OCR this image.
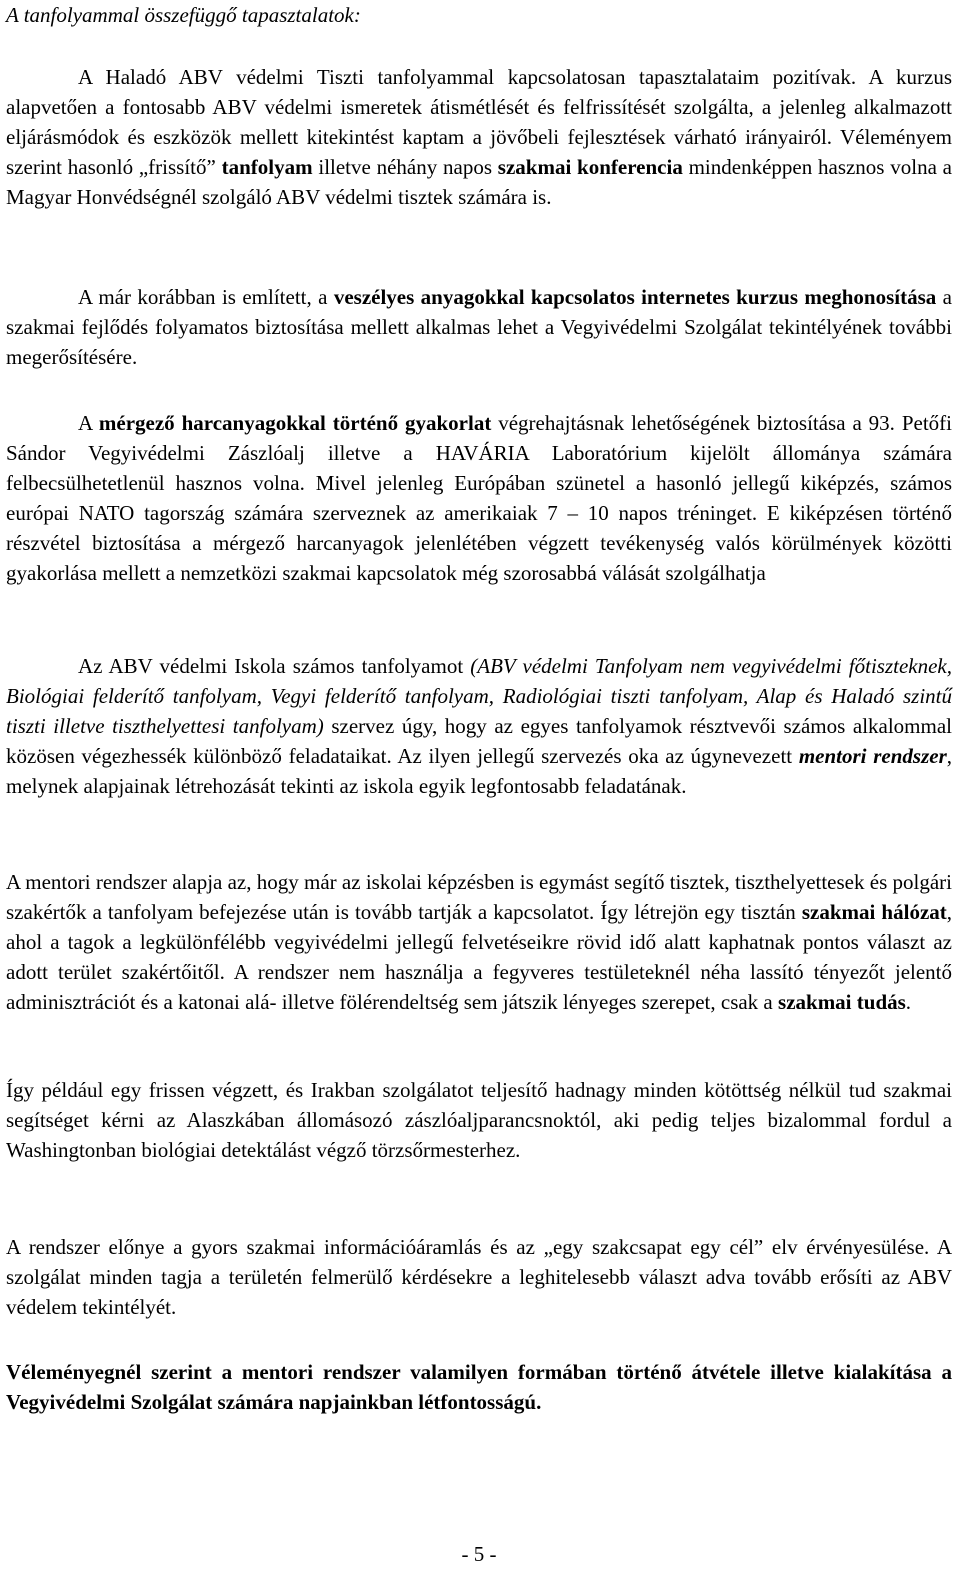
A tanfolyammal összefüggő tapasztalatok:

A Haladó ABV védelmi Tiszti tanfolyammal kapcsolatosan tapasztalataim pozitívak. A kurzus alapvetően a fontosabb ABV védelmi ismeretek átismétlését és felfrissítését szolgálta, a jelenleg alkalmazott eljárásmódok és eszközök mellett kitekintést kaptam a jövőbeli fejlesztések várható irányairól. Véleményem szerint hasonló „frissítő” tanfolyam illetve néhány napos szakmai konferencia mindenképpen hasznos volna a Magyar Honvédségnél szolgáló ABV védelmi tisztek számára is.

A már korábban is említett, a veszélyes anyagokkal kapcsolatos internetes kurzus meghonosítása a szakmai fejlődés folyamatos biztosítása mellett alkalmas lehet a Vegyivédelmi Szolgálat tekintélyének további megerősítésére.

A mérgező harcanyagokkal történő gyakorlat végrehajtásnak lehetőségének biztosítása a 93. Petőfi Sándor Vegyivédelmi Zászlóalj illetve a HAVÁRIA Laboratórium kijelölt állománya számára felbecsülhetetlenül hasznos volna. Mivel jelenleg Európában szünetel a hasonló jellegű kiképzés, számos európai NATO tagország számára szerveznek az amerikaiak 7 – 10 napos tréninget. E kiképzésen történő részvétel biztosítása a mérgező harcanyagok jelenlétében végzett tevékenység valós körülmények közötti gyakorlása mellett a nemzetközi szakmai kapcsolatok még szorosabbá válását szolgálhatja

Az ABV védelmi Iskola számos tanfolyamot (ABV védelmi Tanfolyam nem vegyivédelmi főtiszteknek, Biológiai felderítő tanfolyam, Vegyi felderítő tanfolyam, Radiológiai tiszti tanfolyam, Alap és Haladó szintű tiszti illetve tiszthelyettesi tanfolyam) szervez úgy, hogy az egyes tanfolyamok résztvevői számos alkalommal közösen végezhessék különböző feladataikat. Az ilyen jellegű szervezés oka az úgynevezett mentori rendszer, melynek alapjainak létrehozását tekinti az iskola egyik legfontosabb feladatának.

A mentori rendszer alapja az, hogy már az iskolai képzésben is egymást segítő tisztek, tiszthelyettesek és polgári szakértők a tanfolyam befejezése után is tovább tartják a kapcsolatot. Így létrejön egy tisztán szakmai hálózat, ahol a tagok a legkülönfélébb vegyivédelmi jellegű felvetéseikre rövid idő alatt kaphatnak pontos választ az adott terület szakértőitől. A rendszer nem használja a fegyveres testületeknél néha lassító tényezőt jelentő adminisztrációt és a katonai alá- illetve fölérendeltség sem játszik lényeges szerepet, csak a szakmai tudás.

Így például egy frissen végzett, és Irakban szolgálatot teljesítő hadnagy minden kötöttség nélkül tud szakmai segítséget kérni az Alaszkában állomásozó zászlóaljparancsnoktól, aki pedig teljes bizalommal fordul a Washingtonban biológiai detektálást végző törzsőrmesterhez.

A rendszer előnye a gyors szakmai információáramlás és az „egy szakcsapat egy cél” elv érvényesülése. A szolgálat minden tagja a területén felmerülő kérdésekre a leghitelesebb választ adva tovább erősíti az ABV védelem tekintélyét.

Véleményegnél szerint a mentori rendszer valamilyen formában történő átvétele illetve kialakítása a Vegyivédelmi Szolgálat számára napjainkban létfontosságú.

- 5 -
